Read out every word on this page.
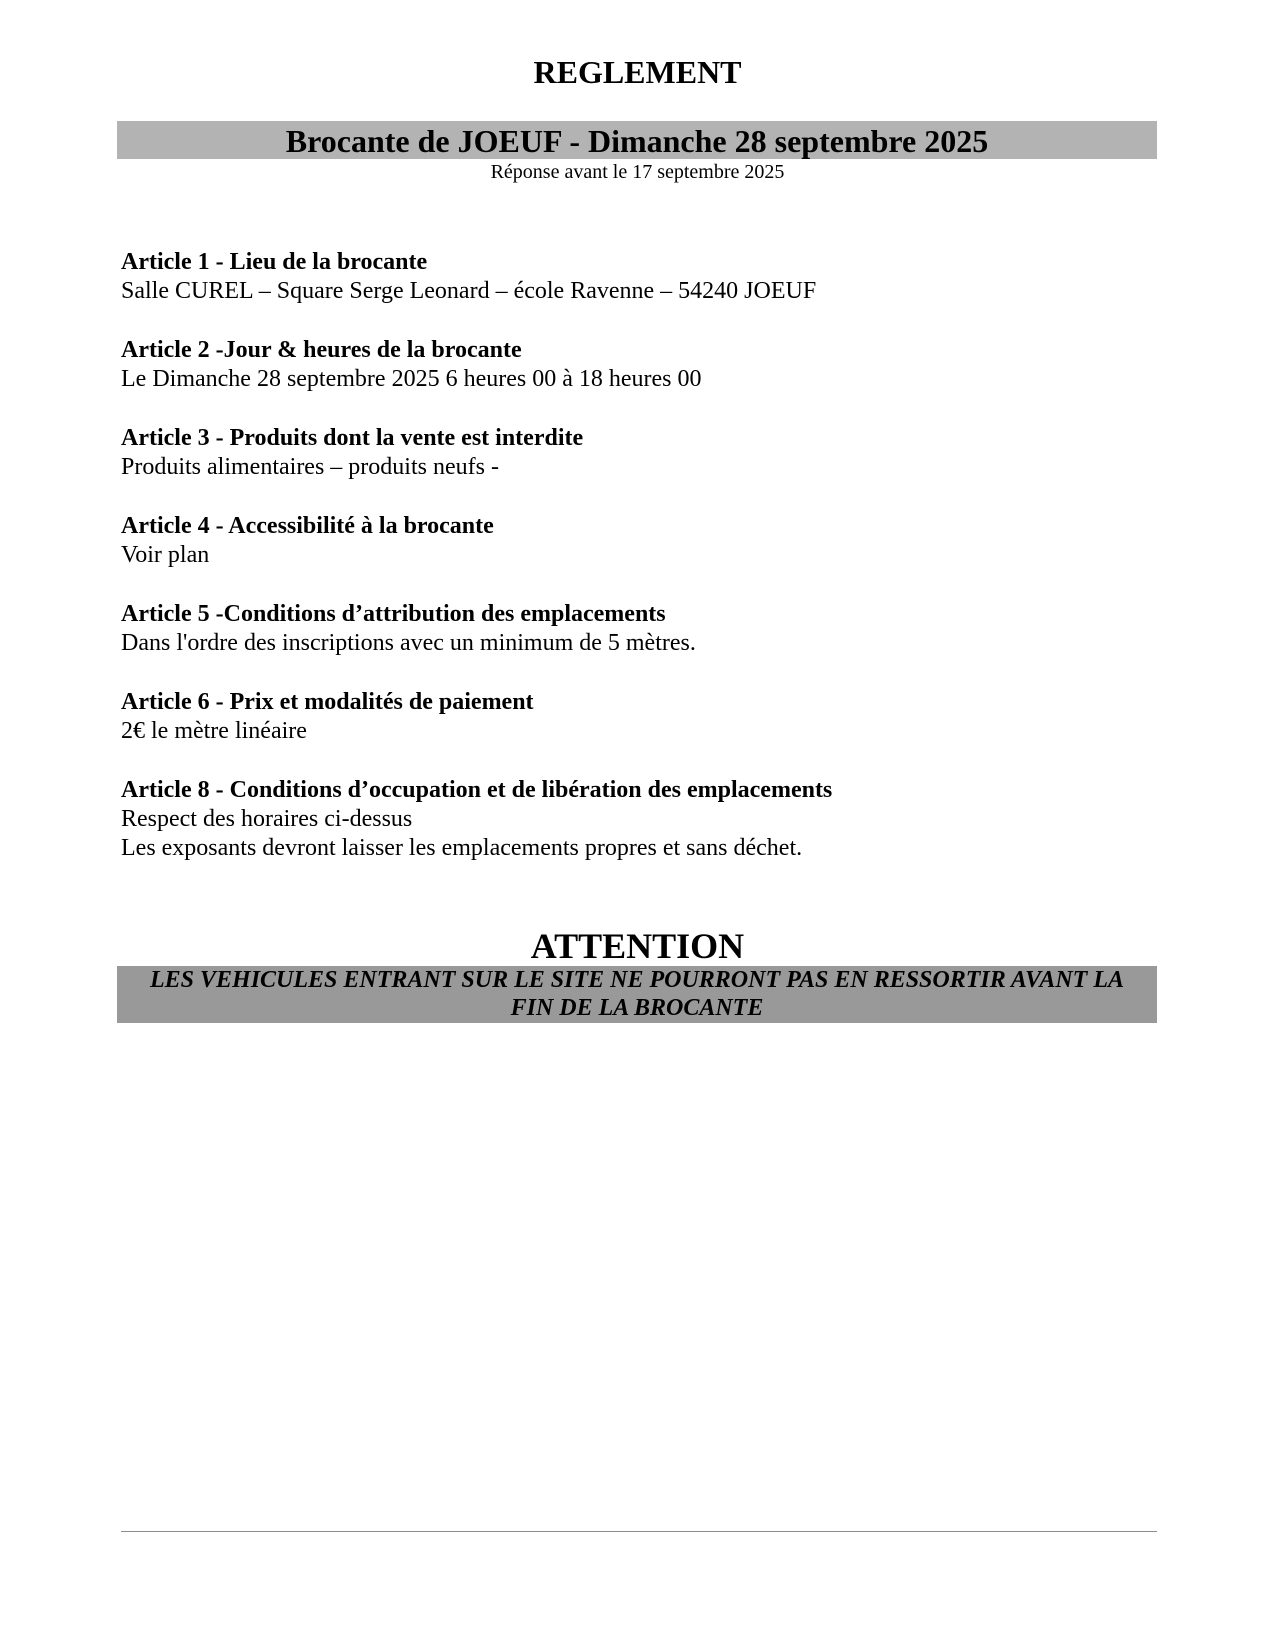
REGLEMENT
Brocante de JOEUF - Dimanche 28 septembre 2025
Réponse avant le 17 septembre 2025
Article 1 - Lieu de la brocante
Salle CUREL – Square Serge Leonard – école Ravenne – 54240 JOEUF
Article 2 -Jour & heures de la brocante
Le Dimanche 28 septembre 2025 6 heures 00 à 18 heures 00
Article 3 - Produits dont la vente est interdite
Produits alimentaires – produits neufs -
Article 4 - Accessibilité à la brocante
Voir plan
Article 5 -Conditions d’attribution des emplacements
Dans l'ordre des inscriptions avec un minimum de 5 mètres.
Article 6 - Prix et modalités de paiement
2€ le mètre linéaire
Article 8 - Conditions d’occupation et de libération des emplacements
Respect des horaires ci-dessus
Les exposants devront laisser les emplacements propres et sans déchet.
ATTENTION
LES VEHICULES ENTRANT SUR LE SITE NE POURRONT PAS EN RESSORTIR AVANT LA
FIN DE LA BROCANTE
